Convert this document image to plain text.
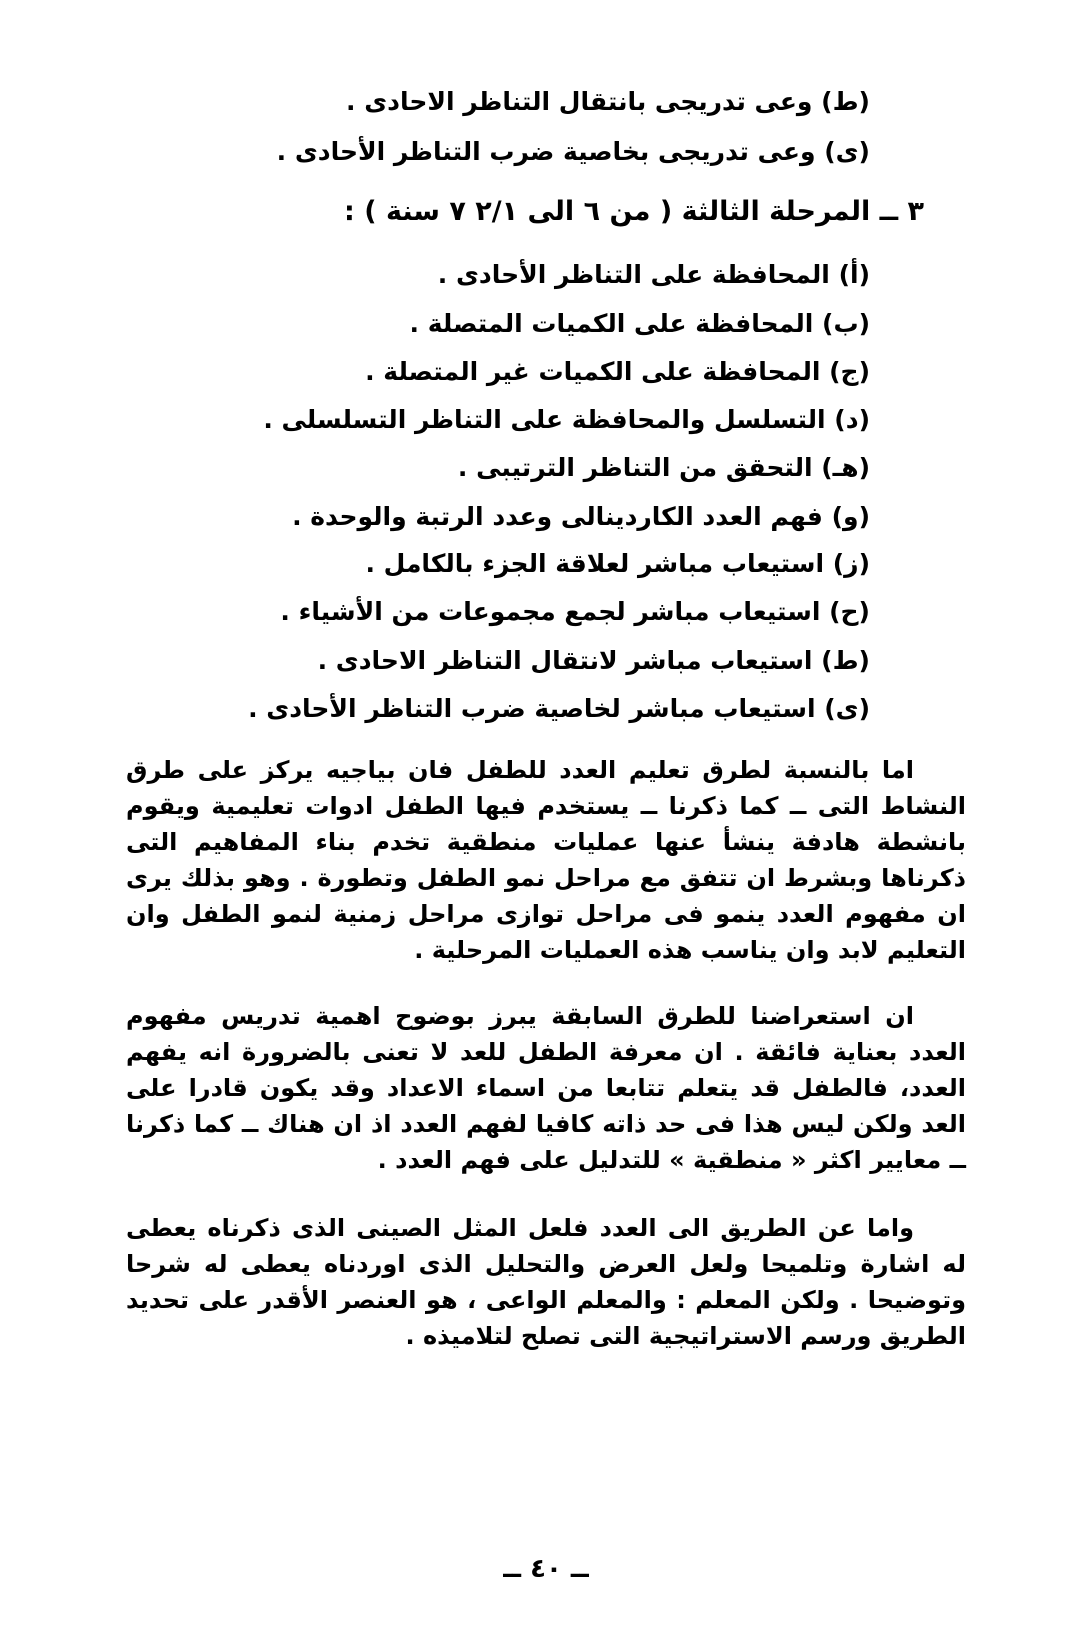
(ط) وعى تدريجى بانتقال التناظر الاحادى .
(ى) وعى تدريجى بخاصية ضرب التناظر الأحادى .
٣ ــ المرحلة الثالثة ( من ٦ الى ٢/١ ٧ سنة ) :
(أ) المحافظة على التناظر الأحادى .
(ب) المحافظة على الكميات المتصلة .
(ج) المحافظة على الكميات غير المتصلة .
(د) التسلسل والمحافظة على التناظر التسلسلى .
(هـ) التحقق من التناظر الترتيبى .
(و) فهم العدد الكاردينالى وعدد الرتبة والوحدة .
(ز) استيعاب مباشر لعلاقة الجزء بالكامل .
(ح) استيعاب مباشر لجمع مجموعات من الأشياء .
(ط) استيعاب مباشر لانتقال التناظر الاحادى .
(ى) استيعاب مباشر لخاصية ضرب التناظر الأحادى .
اما بالنسبة لطرق تعليم العدد للطفل فان بياجيه يركز على طرق النشاط التى ــ كما ذكرنا ــ يستخدم فيها الطفل ادوات تعليمية ويقوم بانشطة هادفة ينشأ عنها عمليات منطقية تخدم بناء المفاهيم التى ذكرناها وبشرط ان تتفق مع مراحل نمو الطفل وتطورة . وهو بذلك يرى ان مفهوم العدد ينمو فى مراحل توازى مراحل زمنية لنمو الطفل وان التعليم لابد وان يناسب هذه العمليات المرحلية .
ان استعراضنا للطرق السابقة يبرز بوضوح اهمية تدريس مفهوم العدد بعناية فائقة . ان معرفة الطفل للعد لا تعنى بالضرورة انه يفهم العدد، فالطفل قد يتعلم تتابعا من اسماء الاعداد وقد يكون قادرا على العد ولكن ليس هذا فى حد ذاته كافيا لفهم العدد اذ ان هناك ــ كما ذكرنا ــ معايير اكثر « منطقية » للتدليل على فهم العدد .
واما عن الطريق الى العدد فلعل المثل الصينى الذى ذكرناه يعطى له اشارة وتلميحا ولعل العرض والتحليل الذى اوردناه يعطى له شرحا وتوضيحا . ولكن المعلم : والمعلم الواعى ، هو العنصر الأقدر على تحديد الطريق ورسم الاستراتيجية التى تصلح لتلاميذه .
ــ ٤٠ ــ
